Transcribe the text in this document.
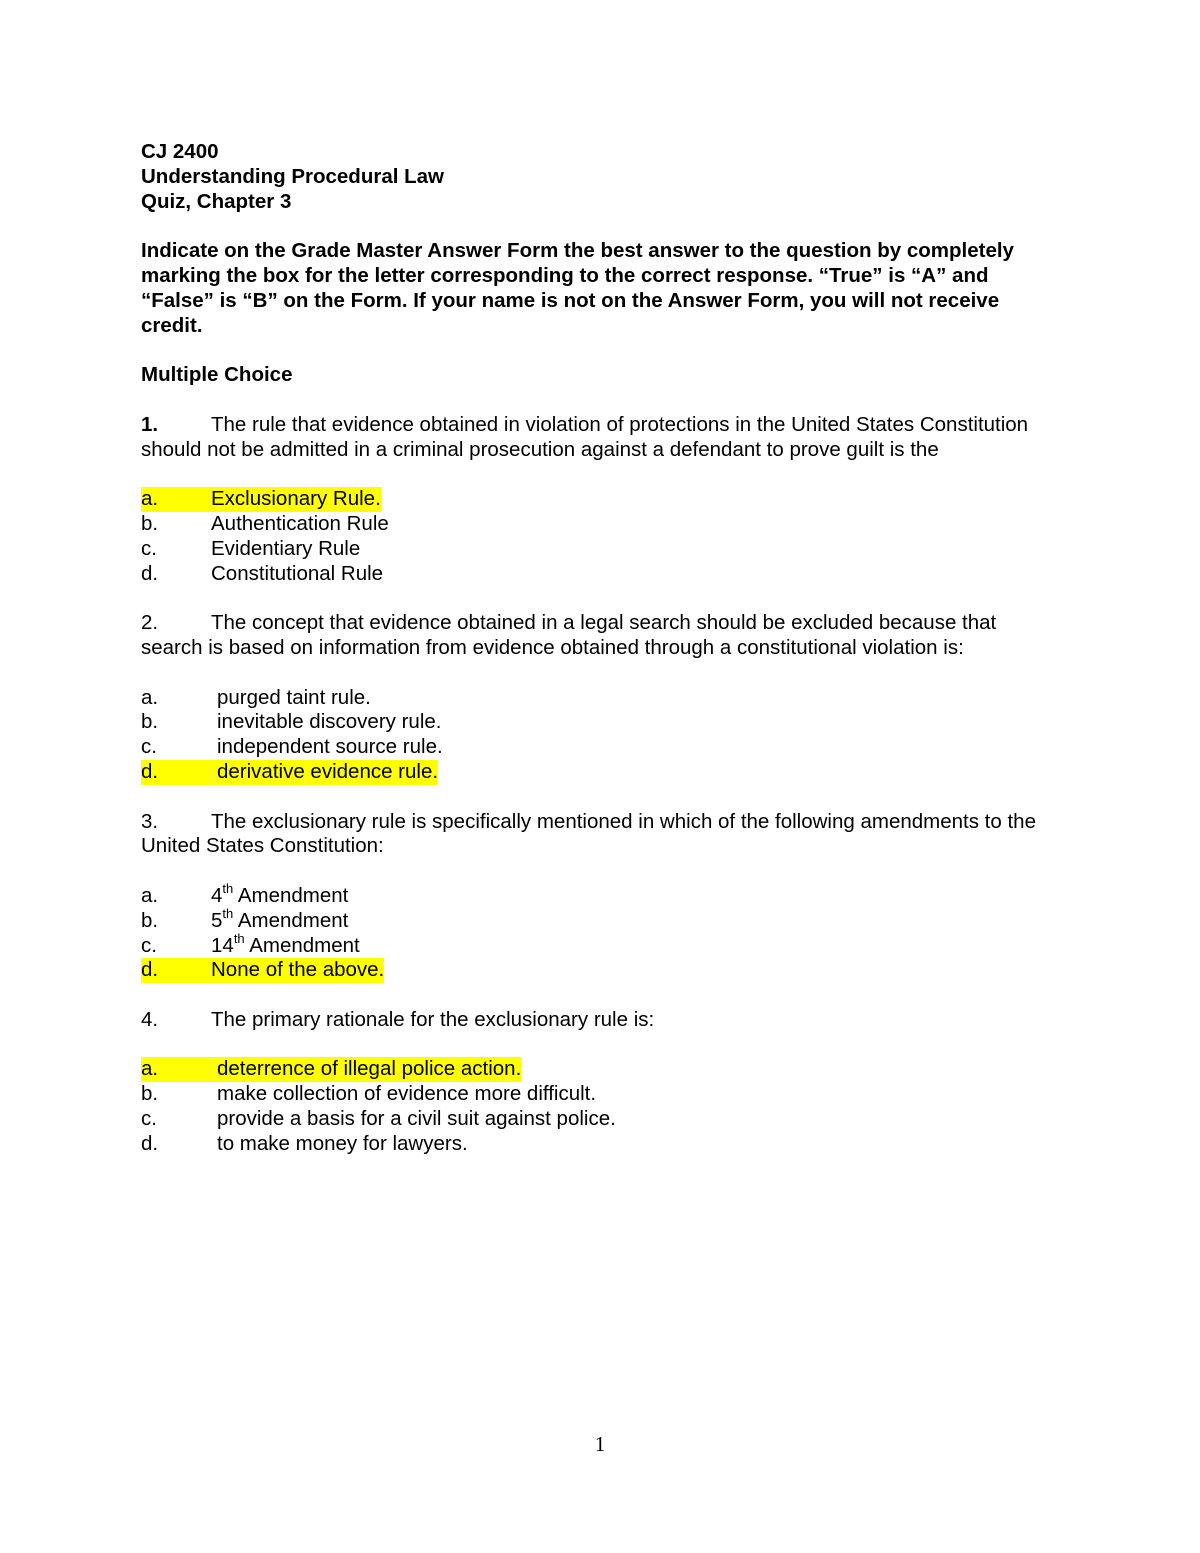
CJ 2400

Understanding Procedural Law

Quiz, Chapter 3

Indicate on the Grade Master Answer Form the best answer to the question by completely marking the box for the letter corresponding to the correct response. “True” is “A” and “False” is “B” on the Form. If your name is not on the Answer Form, you will not receive credit.

Multiple Choice

1.	The rule that evidence obtained in violation of protections in the United States Constitution should not be admitted in a criminal prosecution against a defendant to prove guilt is the

a.	Exclusionary Rule.

b.	Authentication Rule

c.	Evidentiary Rule

d.	Constitutional Rule

2.	The concept that evidence obtained in a legal search should be excluded because that search is based on information from evidence obtained through a constitutional violation is:

a.	purged taint rule.

b.	inevitable discovery rule.

c.	independent source rule.

d.	derivative evidence rule.

3.	The exclusionary rule is specifically mentioned in which of the following amendments to the United States Constitution:

a.	4th Amendment

b.	5th Amendment

c.	14th Amendment

d.	None of the above.

4.	The primary rationale for the exclusionary rule is:

a.	deterrence of illegal police action.

b.	make collection of evidence more difficult.

c.	provide a basis for a civil suit against police.

d.	to make money for lawyers.

1
